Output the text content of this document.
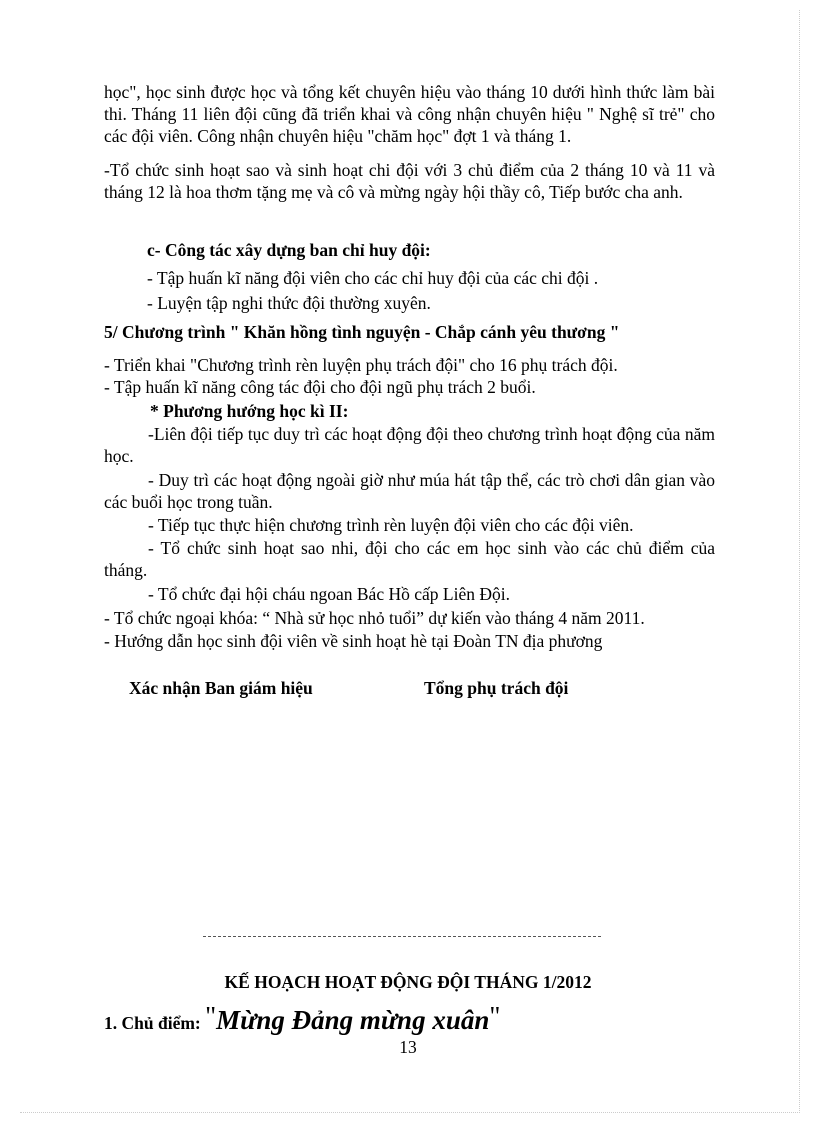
học", học sinh được học và tổng kết chuyên hiệu vào tháng 10 dưới hình thức làm bài thi. Tháng 11 liên đội cũng đã triển khai và công nhận chuyên hiệu " Nghệ sĩ trẻ" cho các đội viên. Công nhận chuyên hiệu "chăm học" đợt 1 và tháng 1.
-Tổ chức sinh hoạt sao và sinh hoạt chi đội với 3 chủ điểm của 2 tháng 10 và 11 và tháng 12 là hoa thơm tặng mẹ và cô và mừng ngày hội thầy cô, Tiếp bước cha anh.
c- Công tác xây dựng ban chỉ huy đội:
- Tập huấn kĩ năng đội viên cho các chỉ huy đội của các chi đội .
- Luyện tập nghi thức đội thường xuyên.
5/ Chương trình " Khăn hồng tình nguyện - Chắp cánh yêu thương "
- Triển khai "Chương trình rèn luyện phụ trách đội" cho 16 phụ trách đội.
- Tập huấn kĩ năng công tác đội cho đội ngũ phụ trách 2 buổi.
* Phương hướng học kì II:
-Liên đội tiếp tục duy trì các hoạt động đội theo chương trình hoạt động của năm học.
- Duy trì các hoạt động ngoài giờ như múa hát tập thể, các trò chơi dân gian vào các buổi học trong tuần.
- Tiếp tục thực hiện chương trình rèn luyện đội viên cho các đội viên.
- Tổ chức sinh hoạt sao nhi, đội cho các em học sinh vào các chủ điểm của tháng.
- Tổ chức đại hội cháu ngoan Bác Hồ cấp Liên Đội.
- Tổ chức ngoại khóa: “ Nhà sử học nhỏ tuổi” dự kiến vào tháng 4 năm 2011.
- Hướng dẫn học sinh đội viên về sinh hoạt hè tại Đoàn TN địa phương
Xác nhận Ban giám hiệu	Tổng phụ trách đội
KẾ HOẠCH HOẠT ĐỘNG ĐỘI THÁNG 1/2012
1. Chủ điểm: "Mừng Đảng mừng xuân"
13
